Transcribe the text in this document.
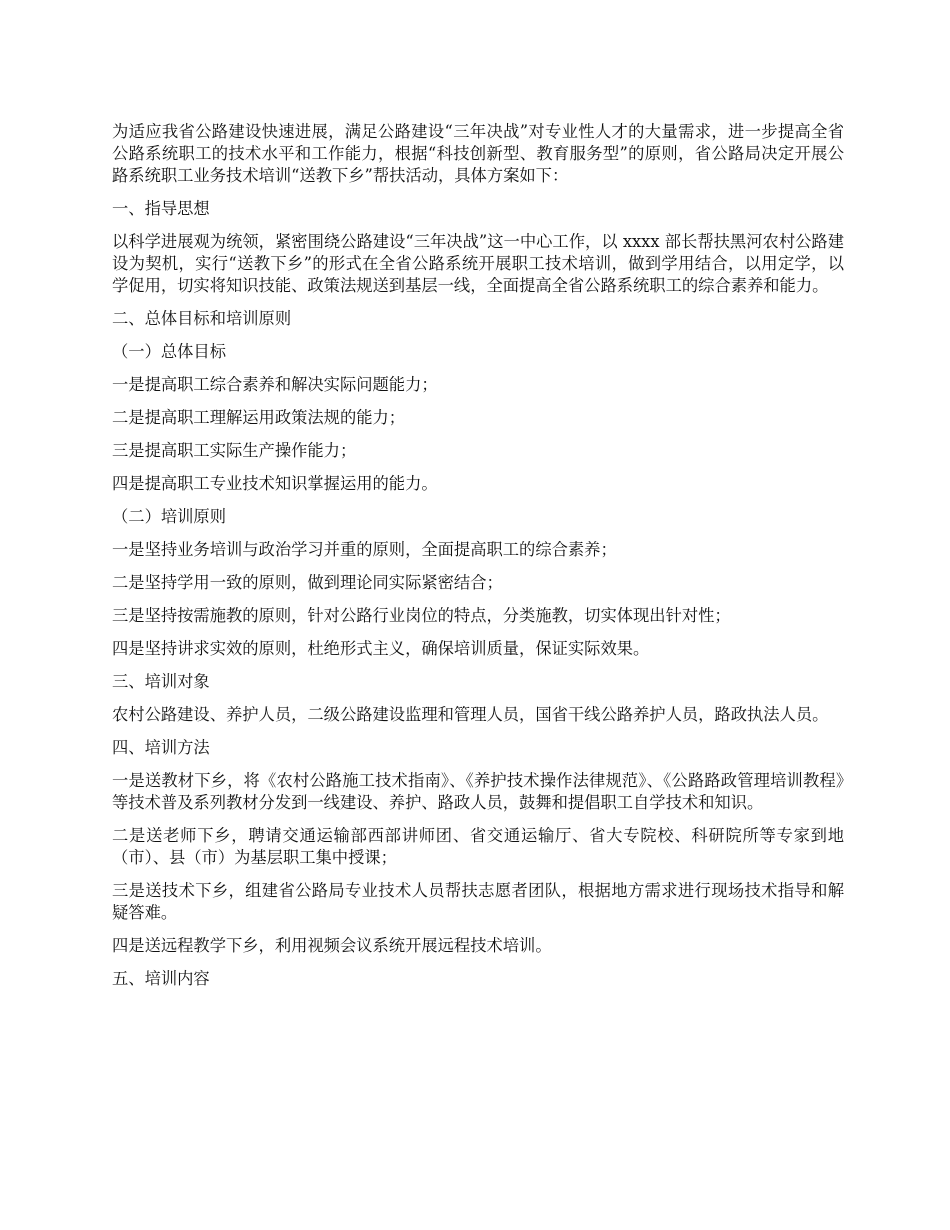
为适应我省公路建设快速进展，满足公路建设“三年决战”对专业性人才的大量需求，进一步提高全省公路系统职工的技术水平和工作能力，根据“科技创新型、教育服务型”的原则，省公路局决定开展公路系统职工业务技术培训“送教下乡”帮扶活动，具体方案如下：

一、指导思想

以科学进展观为统领，紧密围绕公路建设“三年决战”这一中心工作，以 xxxx 部长帮扶黑河农村公路建设为契机，实行“送教下乡”的形式在全省公路系统开展职工技术培训，做到学用结合，以用定学，以学促用，切实将知识技能、政策法规送到基层一线，全面提高全省公路系统职工的综合素养和能力。

二、总体目标和培训原则

（一）总体目标

一是提高职工综合素养和解决实际问题能力；

二是提高职工理解运用政策法规的能力；

三是提高职工实际生产操作能力；

四是提高职工专业技术知识掌握运用的能力。

（二）培训原则

一是坚持业务培训与政治学习并重的原则，全面提高职工的综合素养；

二是坚持学用一致的原则，做到理论同实际紧密结合；

三是坚持按需施教的原则，针对公路行业岗位的特点，分类施教，切实体现出针对性；

四是坚持讲求实效的原则，杜绝形式主义，确保培训质量，保证实际效果。

三、培训对象

农村公路建设、养护人员，二级公路建设监理和管理人员，国省干线公路养护人员，路政执法人员。

四、培训方法

一是送教材下乡，将《农村公路施工技术指南》、《养护技术操作法律规范》、《公路路政管理培训教程》等技术普及系列教材分发到一线建设、养护、路政人员，鼓舞和提倡职工自学技术和知识。

二是送老师下乡，聘请交通运输部西部讲师团、省交通运输厅、省大专院校、科研院所等专家到地（市）、县（市）为基层职工集中授课；

三是送技术下乡，组建省公路局专业技术人员帮扶志愿者团队，根据地方需求进行现场技术指导和解疑答难。

四是送远程教学下乡，利用视频会议系统开展远程技术培训。

五、培训内容
